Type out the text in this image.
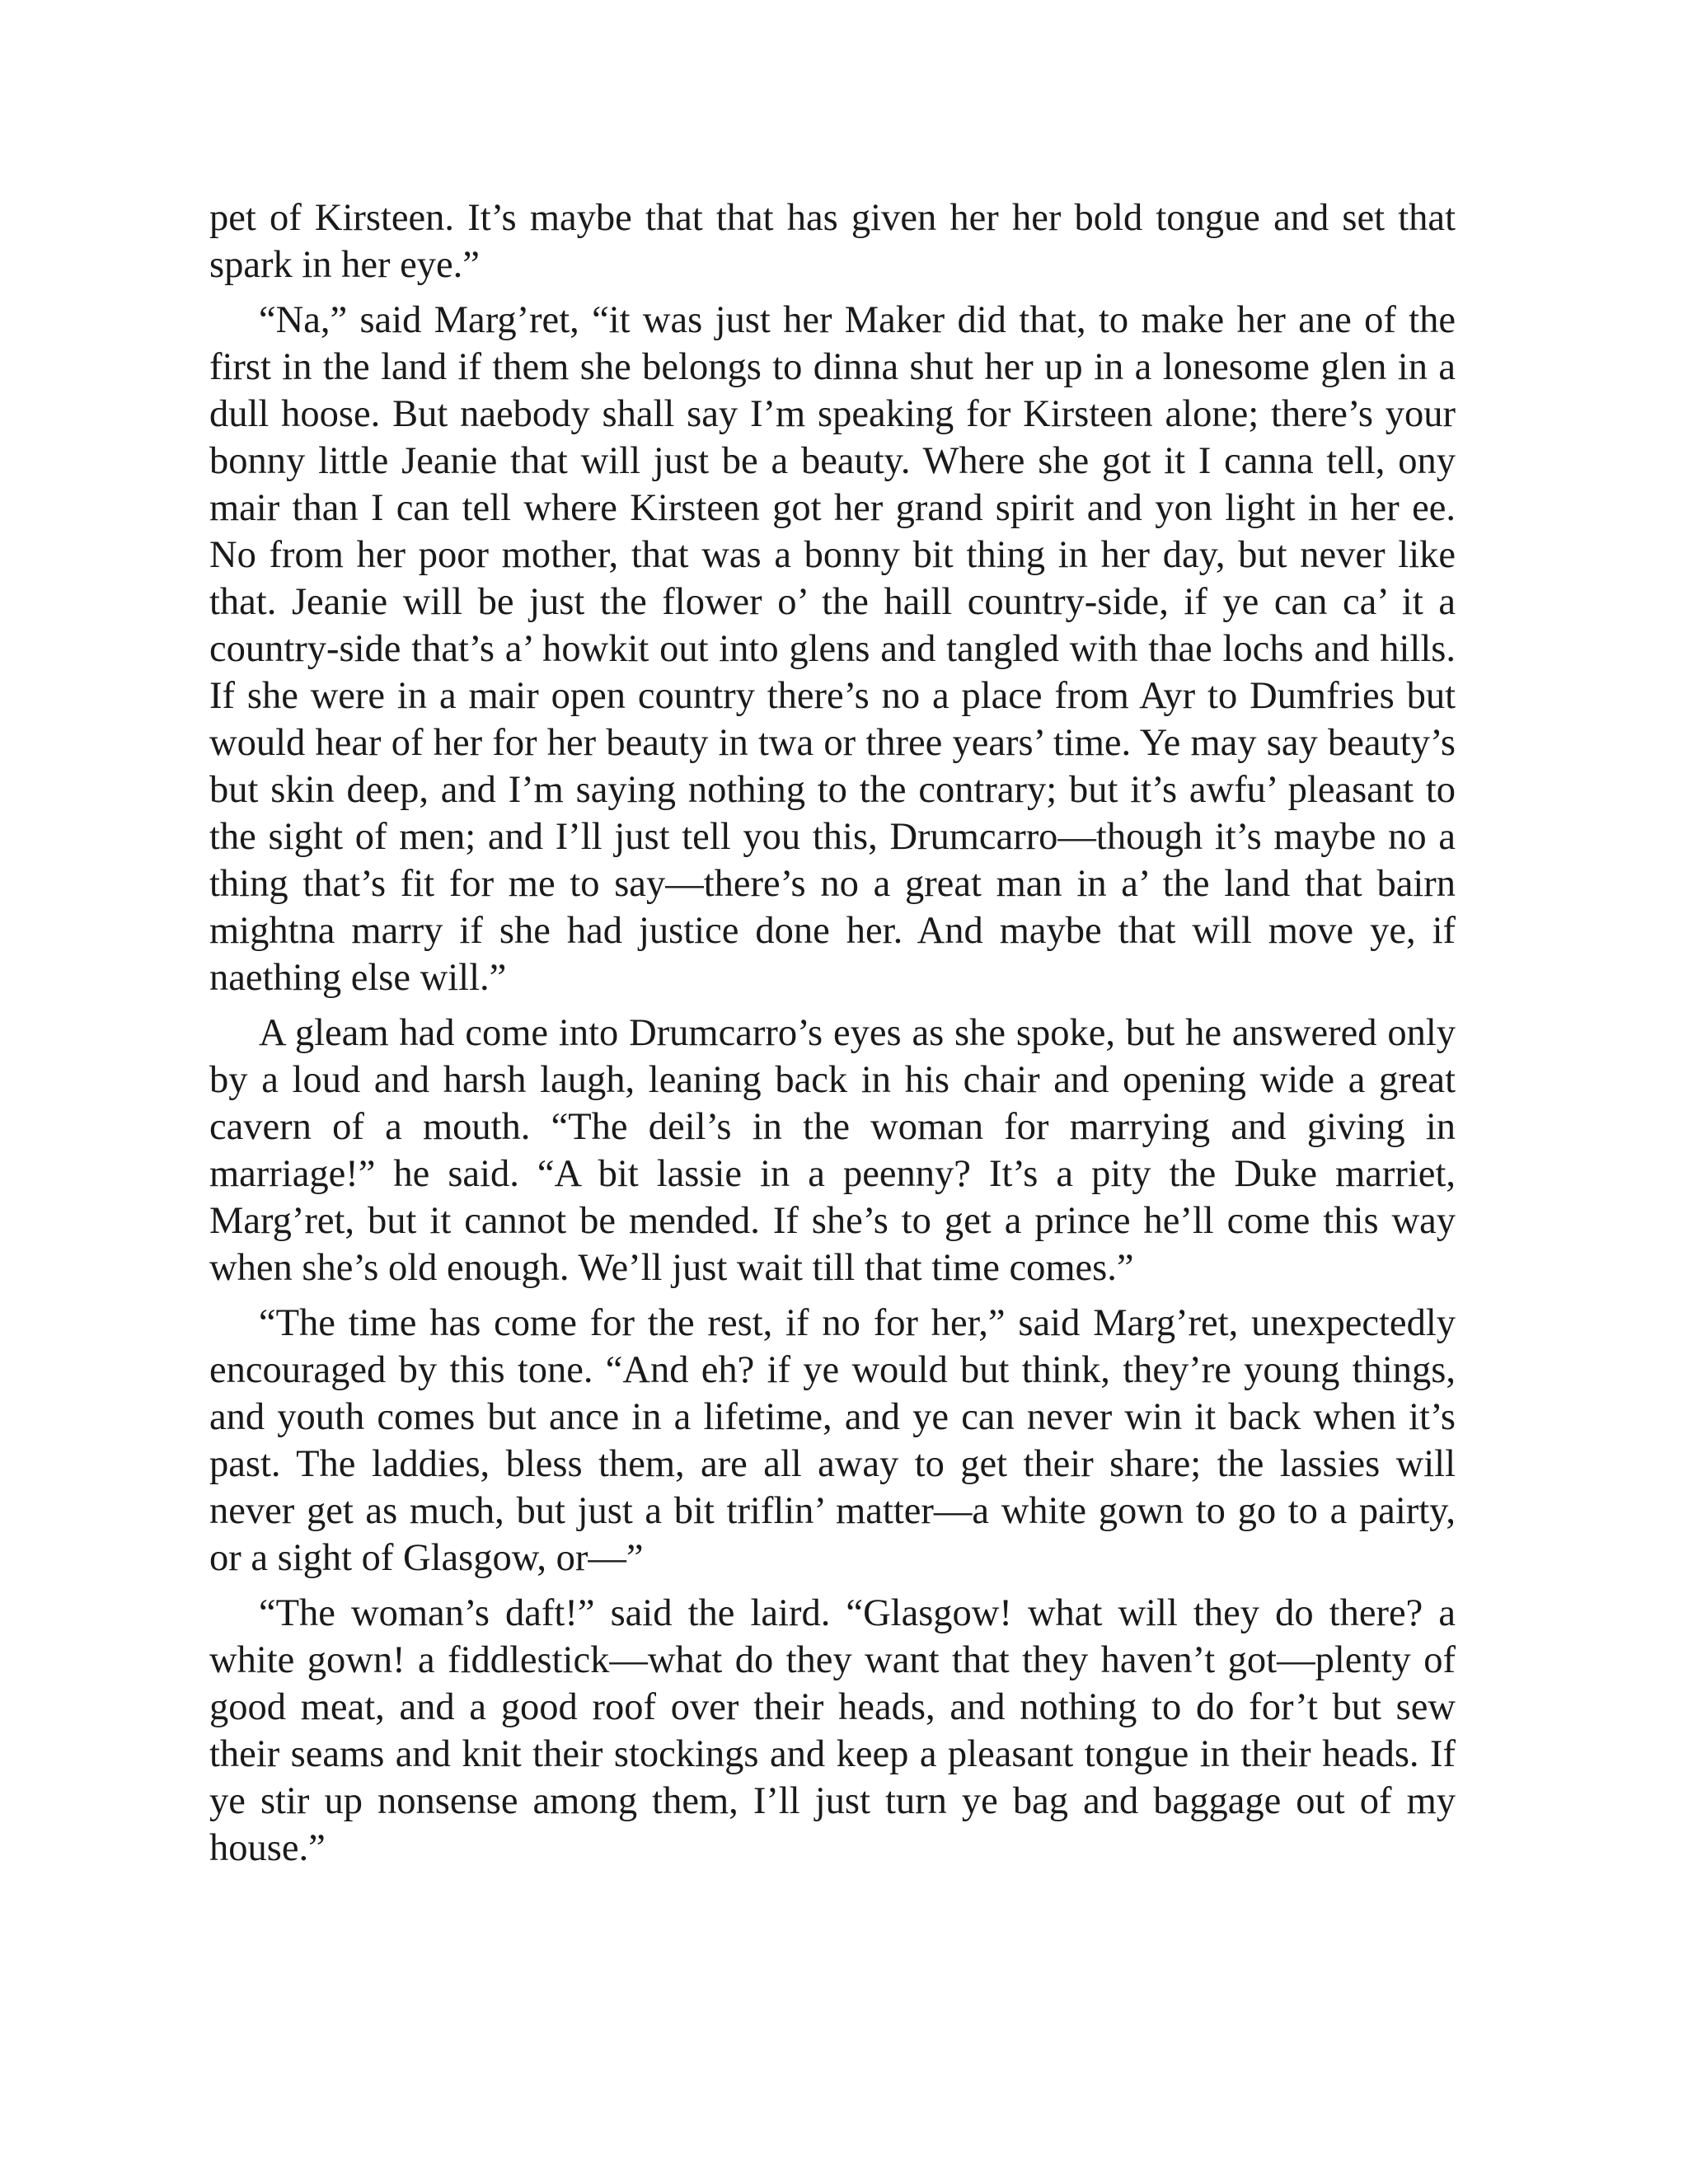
pet of Kirsteen. It’s maybe that that has given her her bold tongue and set that spark in her eye.”

“Na,” said Marg’ret, “it was just her Maker did that, to make her ane of the first in the land if them she belongs to dinna shut her up in a lonesome glen in a dull hoose. But naebody shall say I’m speaking for Kirsteen alone; there’s your bonny little Jeanie that will just be a beauty. Where she got it I canna tell, ony mair than I can tell where Kirsteen got her grand spirit and yon light in her ee. No from her poor mother, that was a bonny bit thing in her day, but never like that. Jeanie will be just the flower o’ the haill country-side, if ye can ca’ it a country-side that’s a’ howkit out into glens and tangled with thae lochs and hills. If she were in a mair open country there’s no a place from Ayr to Dumfries but would hear of her for her beauty in twa or three years’ time. Ye may say beauty’s but skin deep, and I’m saying nothing to the contrary; but it’s awfu’ pleasant to the sight of men; and I’ll just tell you this, Drumcarro—though it’s maybe no a thing that’s fit for me to say—there’s no a great man in a’ the land that bairn mightna marry if she had justice done her. And maybe that will move ye, if naething else will.”

A gleam had come into Drumcarro’s eyes as she spoke, but he answered only by a loud and harsh laugh, leaning back in his chair and opening wide a great cavern of a mouth. “The deil’s in the woman for marrying and giving in marriage!” he said. “A bit lassie in a peenny? It’s a pity the Duke marriet, Marg’ret, but it cannot be mended. If she’s to get a prince he’ll come this way when she’s old enough. We’ll just wait till that time comes.”

“The time has come for the rest, if no for her,” said Marg’ret, unexpectedly encouraged by this tone. “And eh? if ye would but think, they’re young things, and youth comes but ance in a lifetime, and ye can never win it back when it’s past. The laddies, bless them, are all away to get their share; the lassies will never get as much, but just a bit triflin’ matter—a white gown to go to a pairty, or a sight of Glasgow, or—”

“The woman’s daft!” said the laird. “Glasgow! what will they do there? a white gown! a fiddlestick—what do they want that they haven’t got—plenty of good meat, and a good roof over their heads, and nothing to do for’t but sew their seams and knit their stockings and keep a pleasant tongue in their heads. If ye stir up nonsense among them, I’ll just turn ye bag and baggage out of my house.”
